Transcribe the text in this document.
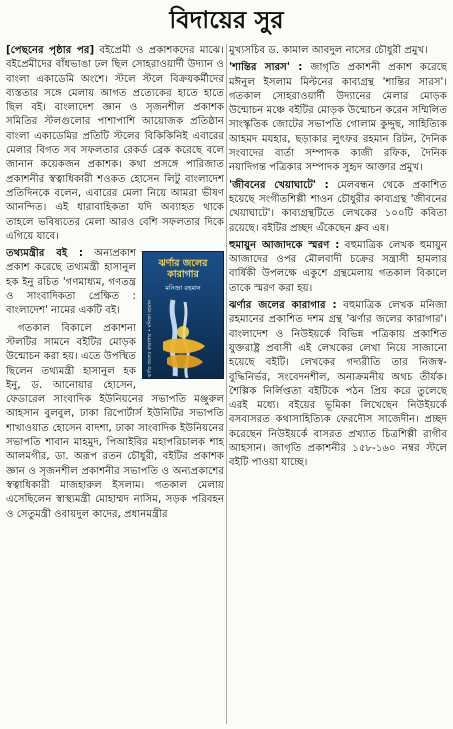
বিদায়ের সুর

[পেছনের পৃষ্ঠার পর] বইপ্রেমী ও প্রকাশকদের মাঝে। বইপ্রেমীদের বাঁধভাঙা ঢল ছিল সোহরাওয়ার্দী উদ্যান ও বাংলা একাডেমি অংশে। স্টলে স্টলে বিক্রয়কর্মীদের ব্যস্ততার সঙ্গে মেলায় আগত প্রত্যেকের হাতে হাতে ছিল বই। বাংলাদেশ জ্ঞান ও সৃজনশীল প্রকাশক সমিতির স্টলগুলোর পাশাপাশি আয়োজক প্রতিষ্ঠান বাংলা একাডেমির প্রতিটি স্টলের বিকিকিনিই এবারের মেলার বিগত সব সফলতার রেকর্ড ব্রেক করেছে বলে জানান কয়েকজন প্রকাশক। কথা প্রসঙ্গে পারিজাত প্রকাশনীর স্বত্বাধিকারী শওকত হোসেন লিটু বাংলাদেশ প্রতিদিনকে বলেন, এবারের মেলা নিয়ে আমরা ভীষণ আনন্দিত। এই ধারাবাহিকতা যদি অব্যাহত থাকে তাহলে ভবিষ্যতের মেলা আরও বেশি সফলতার দিকে এগিয়ে যাবে।

ঝর্ণার জলের কারাগার
মনিজা রহমান
ঝর্ণার জলের কারাগার • মনিজা রহমান

তথ্যমন্ত্রীর বই : অন্যপ্রকাশ প্রকাশ করেছে তথ্যমন্ত্রী হাসানুল হক ইনু রচিত 'গণমাধ্যম, গণতন্ত্র ও সাংবাদিকতা প্রেক্ষিত : বাংলাদেশ' নামের একটি বই।

গতকাল বিকালে প্রকাশনা স্টলটির সামনে বইটির মোড়ক উন্মোচন করা হয়। এতে উপস্থিত ছিলেন তথ্যমন্ত্রী হাসানুল হক ইনু, ড. আনোয়ার হোসেন, ফেডারেল সাংবাদিক ইউনিয়নের সভাপতি মঞ্জুরুল আহসান বুলবুল, ঢাকা রিপোর্টার্স ইউনিটির সভাপতি শাখাওয়াত হোসেন বাদশা, ঢাকা সাংবাদিক ইউনিয়নের সভাপতি শাবান মাহমুদ, পিআইবির মহাপরিচালক শাহ আলমগীর, ডা. অরূপ রতন চৌধুরী, বইটির প্রকাশক জ্ঞান ও সৃজনশীল প্রকাশনীর সভাপতি ও অন্যপ্রকাশের স্বত্বাধিকারী মাজহারুল ইসলাম। গতকাল মেলায় এসেছিলেন স্বাস্থ্যমন্ত্রী মোহাম্মদ নাসিম, সড়ক পরিবহন ও সেতুমন্ত্রী ওবায়দুল কাদের, প্রধানমন্ত্রীর

মুখ্যসচিব ড. কামাল আবদুল নাসের চৌধুরী প্রমুখ।

'শান্তির সারস' : জাগৃতি প্রকাশনী প্রকাশ করেছে মঈনুল ইসলাম মিল্টনের কাব্যগ্রন্থ 'শান্তির সারস'। গতকাল সোহরাওয়ার্দী উদ্যানের মেলার মোড়ক উন্মোচন মঞ্চে বইটির মোড়ক উন্মোচন করেন সম্মিলিত সাংস্কৃতিক জোটের সভাপতি গোলাম কুদ্দুছ, সাহিত্যিক আহমদ মযহার, ছড়াকার লুৎফর রহমান রিটন, দৈনিক সংবাদের বার্তা সম্পাদক কাজী রফিক, দৈনিক নয়াদিগন্ত পত্রিকার সম্পাদক সুহৃদ আক্তার প্রমুখ।

'জীবনের খেয়াঘাটে' : মেলবন্ধন থেকে প্রকাশিত হয়েছে সংগীতশিল্পী শাওন চৌধুরীর কাব্যগ্রন্থ 'জীবনের খেয়াঘাটে'। কাব্যগ্রন্থটিতে লেখকের ১০০টি কবিতা রয়েছে। বইটির প্রচ্ছদ এঁকেছেন ধ্রুব এষ।

হুমায়ুন আজাদকে স্মরণ : বহুমাত্রিক লেখক হুমায়ুন আজাদের ওপর মৌলবাদী চক্রের সন্ত্রাসী হামলার বার্ষিকী উপলক্ষে একুশে গ্রন্থমেলায় গতকাল বিকালে তাকে স্মরণ করা হয়।

ঝর্ণার জলের কারাগার : বহুমাত্রিক লেখক মনিজা রহমানের প্রকাশিত দশম গ্রন্থ 'ঝর্ণার জলের কারাগার'। বাংলাদেশ ও নিউইয়র্কে বিভিন্ন পত্রিকায় প্রকাশিত যুক্তরাষ্ট্র প্রবাসী এই লেখকের লেখা নিয়ে সাজানো হয়েছে বইটি। লেখকের গদ্যরীতি তার নিজস্ব-বুদ্ধিনির্ভর, সংবেদনশীল, অনাক্রমনীয় অথচ তীর্যক। শৈল্পিক নির্লিপ্ততা বইটিকে পঠন প্রিয় করে তুলেছে এরই মধ্যে। বইয়ের ভূমিকা লিখেছেন নিউইয়র্কে বসবাসরত কথাসাহিত্যিক ফেরদৌস সাজেদীন। প্রচ্ছদ করেছেন নিউইয়র্কে বাসরত প্রখ্যাত চিত্রশিল্পী রাগীব আহসান। জাগৃতি প্রকাশনীর ১৫৮-১৬০ নম্বর স্টলে বইটি পাওয়া যাচ্ছে।
